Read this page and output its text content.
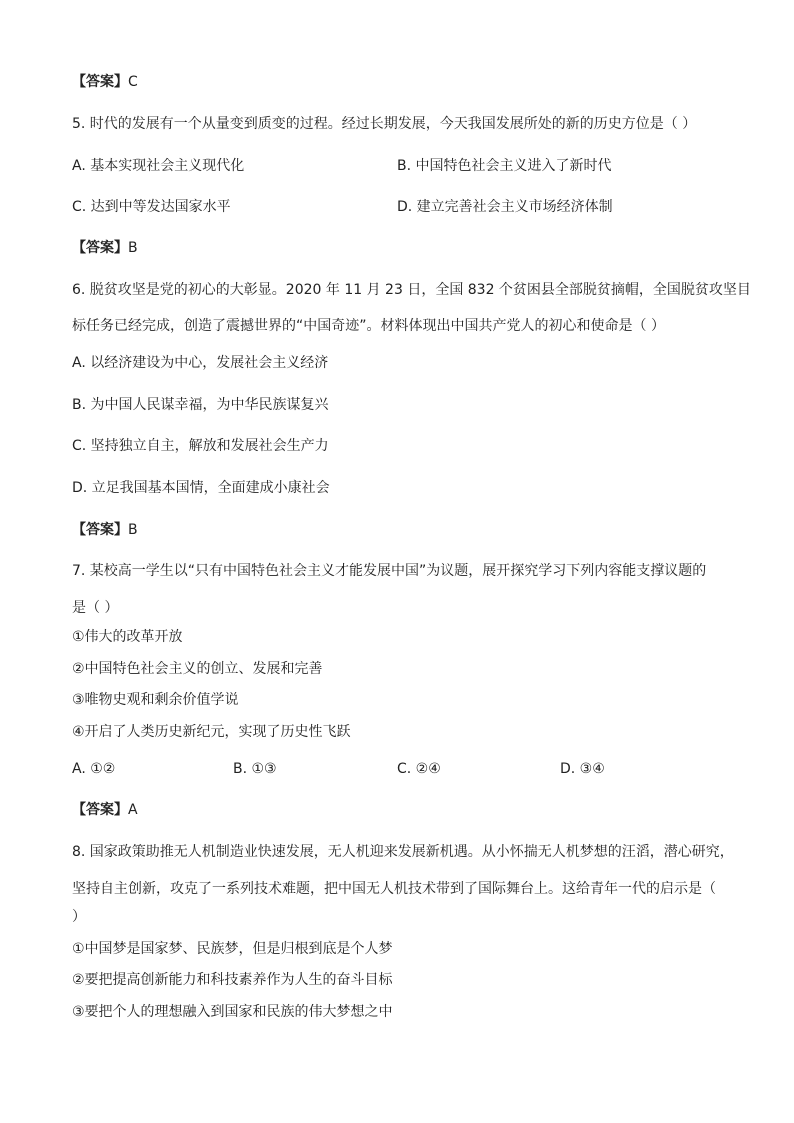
【答案】C
5. 时代的发展有一个从量变到质变的过程。经过长期发展，今天我国发展所处的新的历史方位是（ ）
A. 基本实现社会主义现代化	B. 中国特色社会主义进入了新时代
C. 达到中等发达国家水平	D. 建立完善社会主义市场经济体制
【答案】B
6. 脱贫攻坚是党的初心的大彰显。2020 年 11 月 23 日，全国 832 个贫困县全部脱贫摘帽，全国脱贫攻坚目
标任务已经完成，创造了震撼世界的“中国奇迹”。材料体现出中国共产党人的初心和使命是（ ）
A. 以经济建设为中心，发展社会主义经济
B. 为中国人民谋幸福，为中华民族谋复兴
C. 坚持独立自主，解放和发展社会生产力
D. 立足我国基本国情，全面建成小康社会
【答案】B
7. 某校高一学生以“只有中国特色社会主义才能发展中国”为议题，展开探究学习下列内容能支撑议题的
是（ ）
①伟大的改革开放
②中国特色社会主义的创立、发展和完善
③唯物史观和剩余价值学说
④开启了人类历史新纪元，实现了历史性飞跃
A. ①②	B. ①③	C. ②④	D. ③④
【答案】A
8. 国家政策助推无人机制造业快速发展，无人机迎来发展新机遇。从小怀揣无人机梦想的汪滔，潜心研究，
坚持自主创新，攻克了一系列技术难题，把中国无人机技术带到了国际舞台上。这给青年一代的启示是（
）
①中国梦是国家梦、民族梦，但是归根到底是个人梦
②要把提高创新能力和科技素养作为人生的奋斗目标
③要把个人的理想融入到国家和民族的伟大梦想之中
